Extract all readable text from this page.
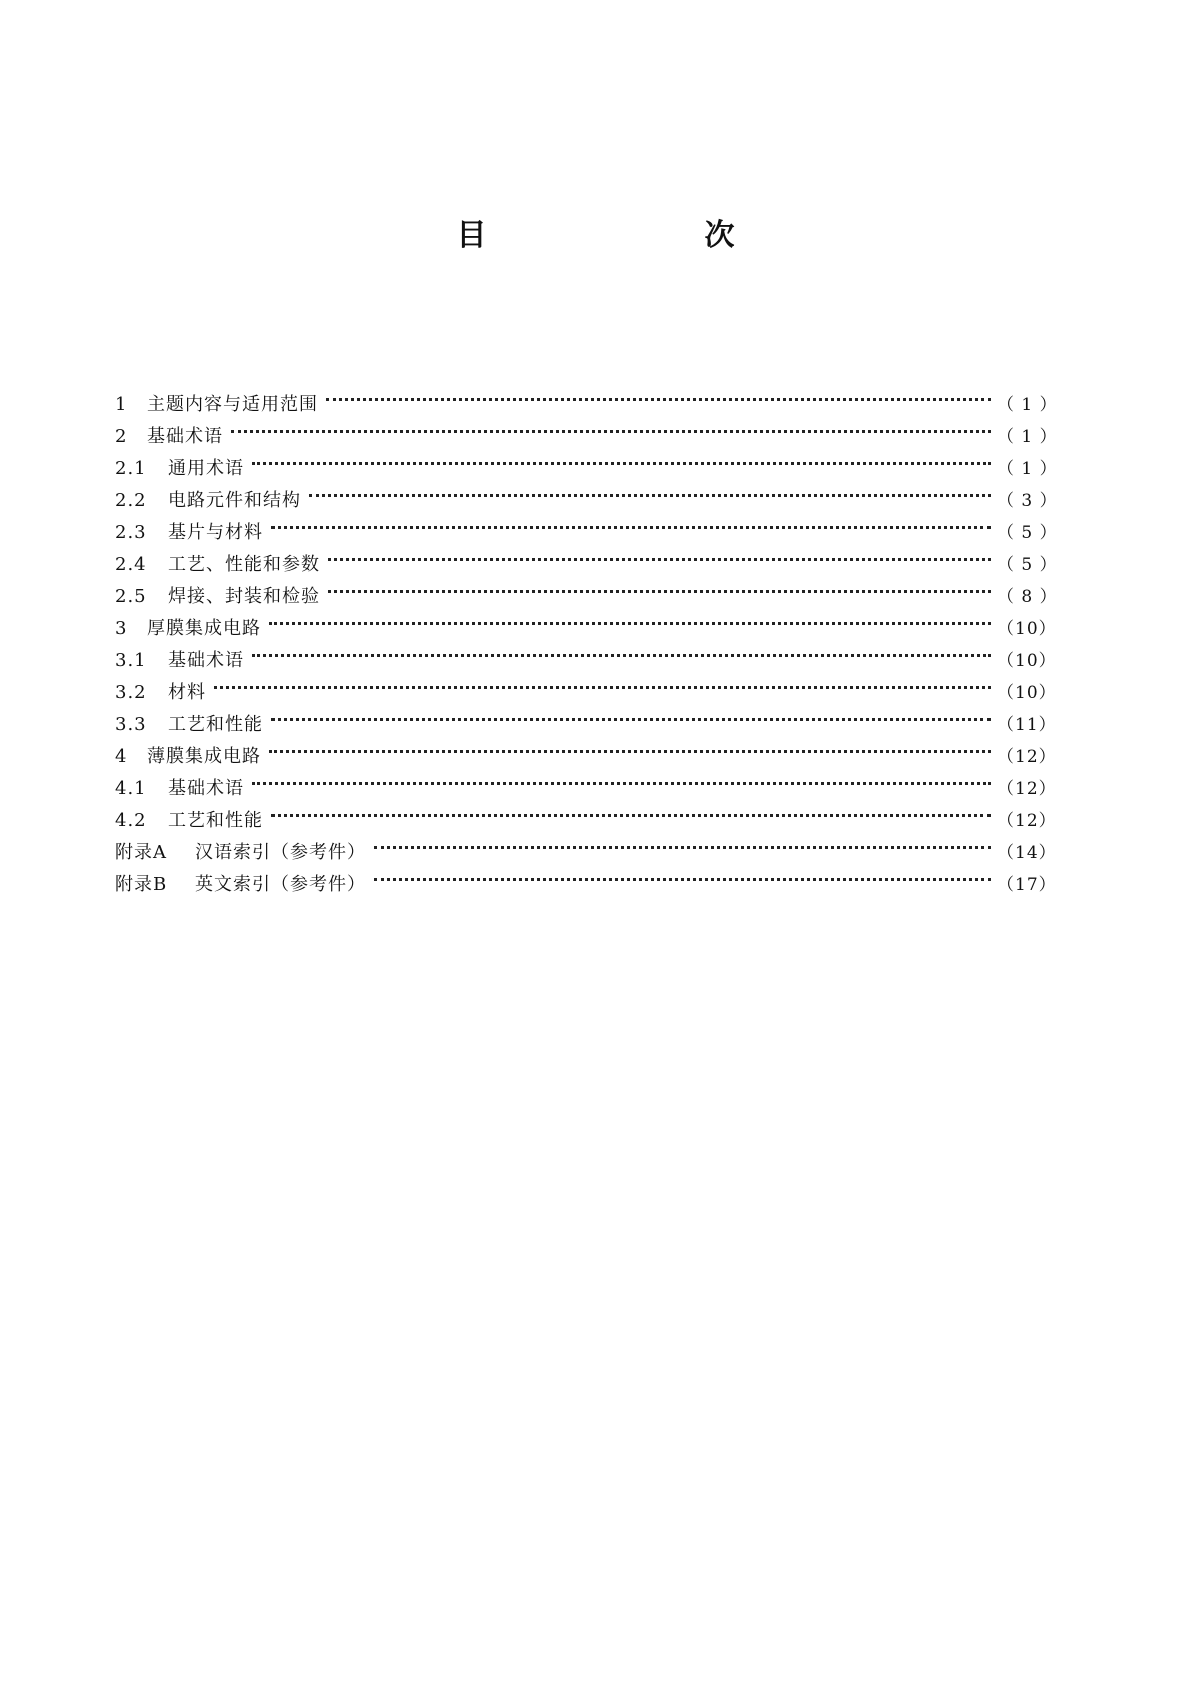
目　次
1	主题内容与适用范围	（ 1 ）
2	基础术语	（ 1 ）
2.1	通用术语	（ 1 ）
2.2	电路元件和结构	（ 3 ）
2.3	基片与材料	（ 5 ）
2.4	工艺、性能和参数	（ 5 ）
2.5	焊接、封装和检验	（ 8 ）
3	厚膜集成电路	（10）
3.1	基础术语	（10）
3.2	材料	（10）
3.3	工艺和性能	（11）
4	薄膜集成电路	（12）
4.1	基础术语	（12）
4.2	工艺和性能	（12）
附录A	汉语索引（参考件）	（14）
附录B	英文索引（参考件）	（17）
